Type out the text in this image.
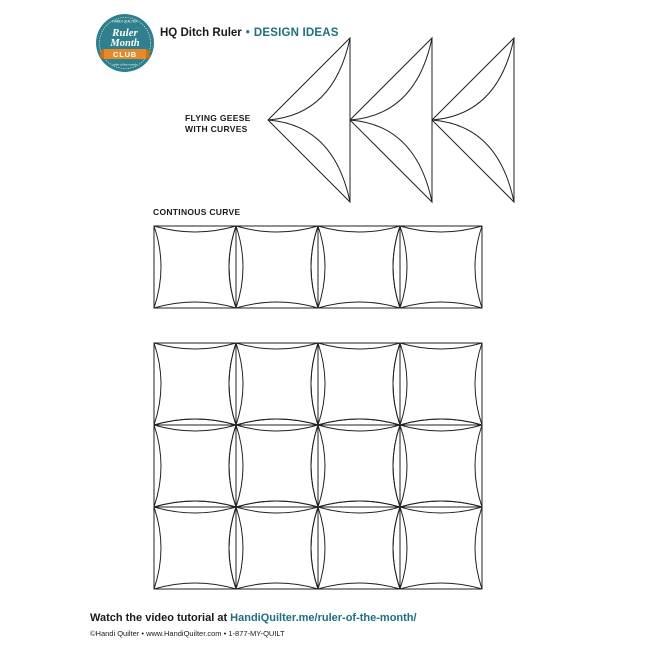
HANDI QUILTER
Ruler
Month
CLUB
ruler of the month
HQ Ditch Ruler • DESIGN IDEAS
FLYING GEESE
WITH CURVES
CONTINOUS CURVE
Watch the video tutorial at HandiQuilter.me/ruler-of-the-month/
©Handi Quilter • www.HandiQuilter.com • 1-877-MY-QUILT
